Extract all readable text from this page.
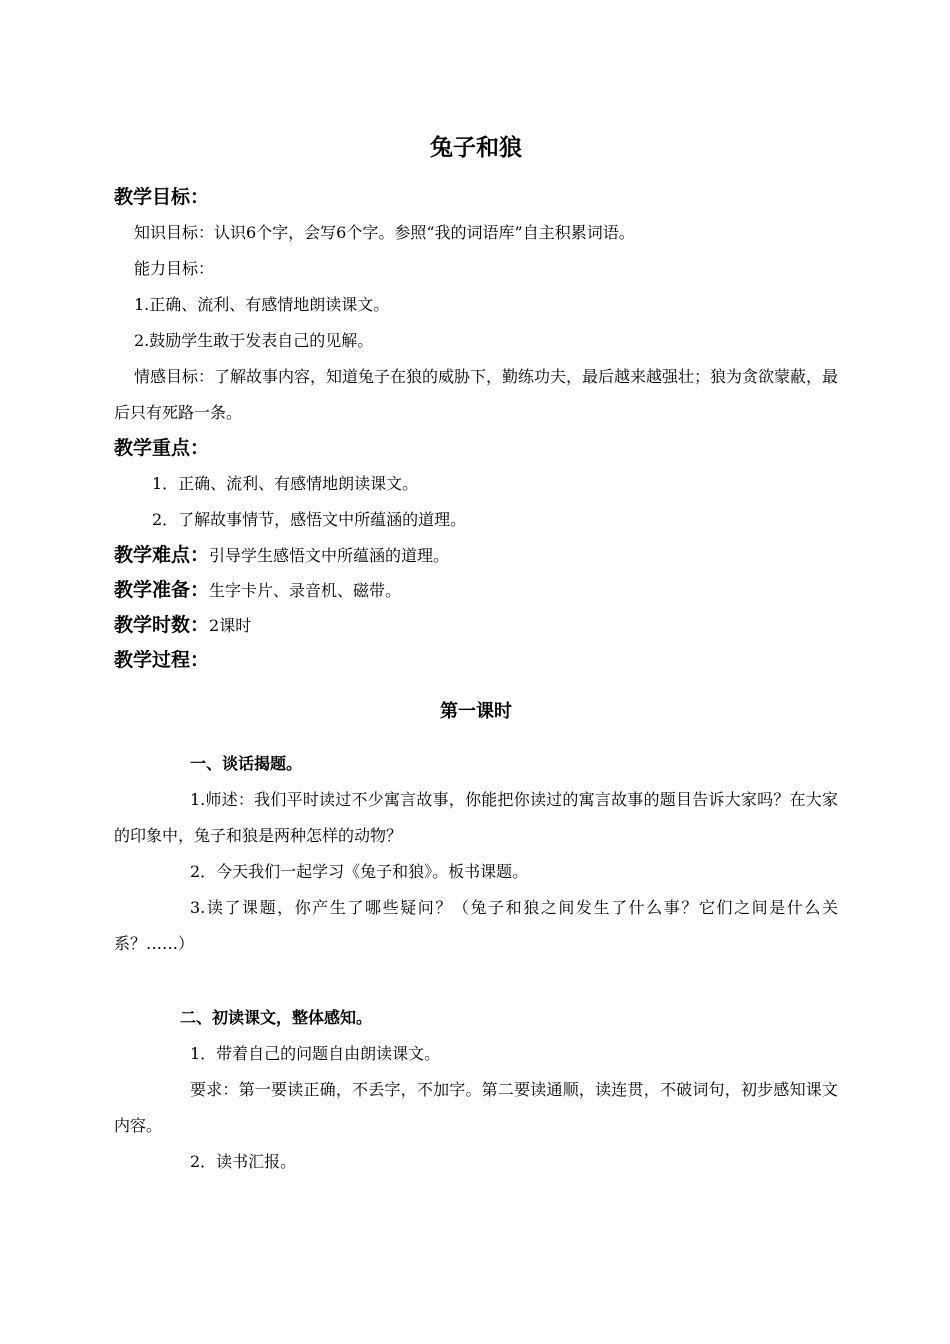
兔子和狼

教学目标：

知识目标：认识6个字，会写6个字。参照“我的词语库”自主积累词语。

能力目标：

1.正确、流利、有感情地朗读课文。

2.鼓励学生敢于发表自己的见解。

情感目标：了解故事内容，知道兔子在狼的威胁下，勤练功夫，最后越来越强壮；狼为贪欲蒙蔽，最后只有死路一条。

教学重点：

1．正确、流利、有感情地朗读课文。

2．了解故事情节，感悟文中所蕴涵的道理。

教学难点：引导学生感悟文中所蕴涵的道理。

教学准备：生字卡片、录音机、磁带。

教学时数：2课时

教学过程：

第一课时

一、谈话揭题。

1.师述：我们平时读过不少寓言故事，你能把你读过的寓言故事的题目告诉大家吗？在大家的印象中，兔子和狼是两种怎样的动物？

2．今天我们一起学习《兔子和狼》。板书课题。

3.读了课题，你产生了哪些疑问？（兔子和狼之间发生了什么事？它们之间是什么关系？……）

二、初读课文，整体感知。

1．带着自己的问题自由朗读课文。

要求：第一要读正确，不丢字，不加字。第二要读通顺，读连贯，不破词句，初步感知课文内容。

2．读书汇报。
